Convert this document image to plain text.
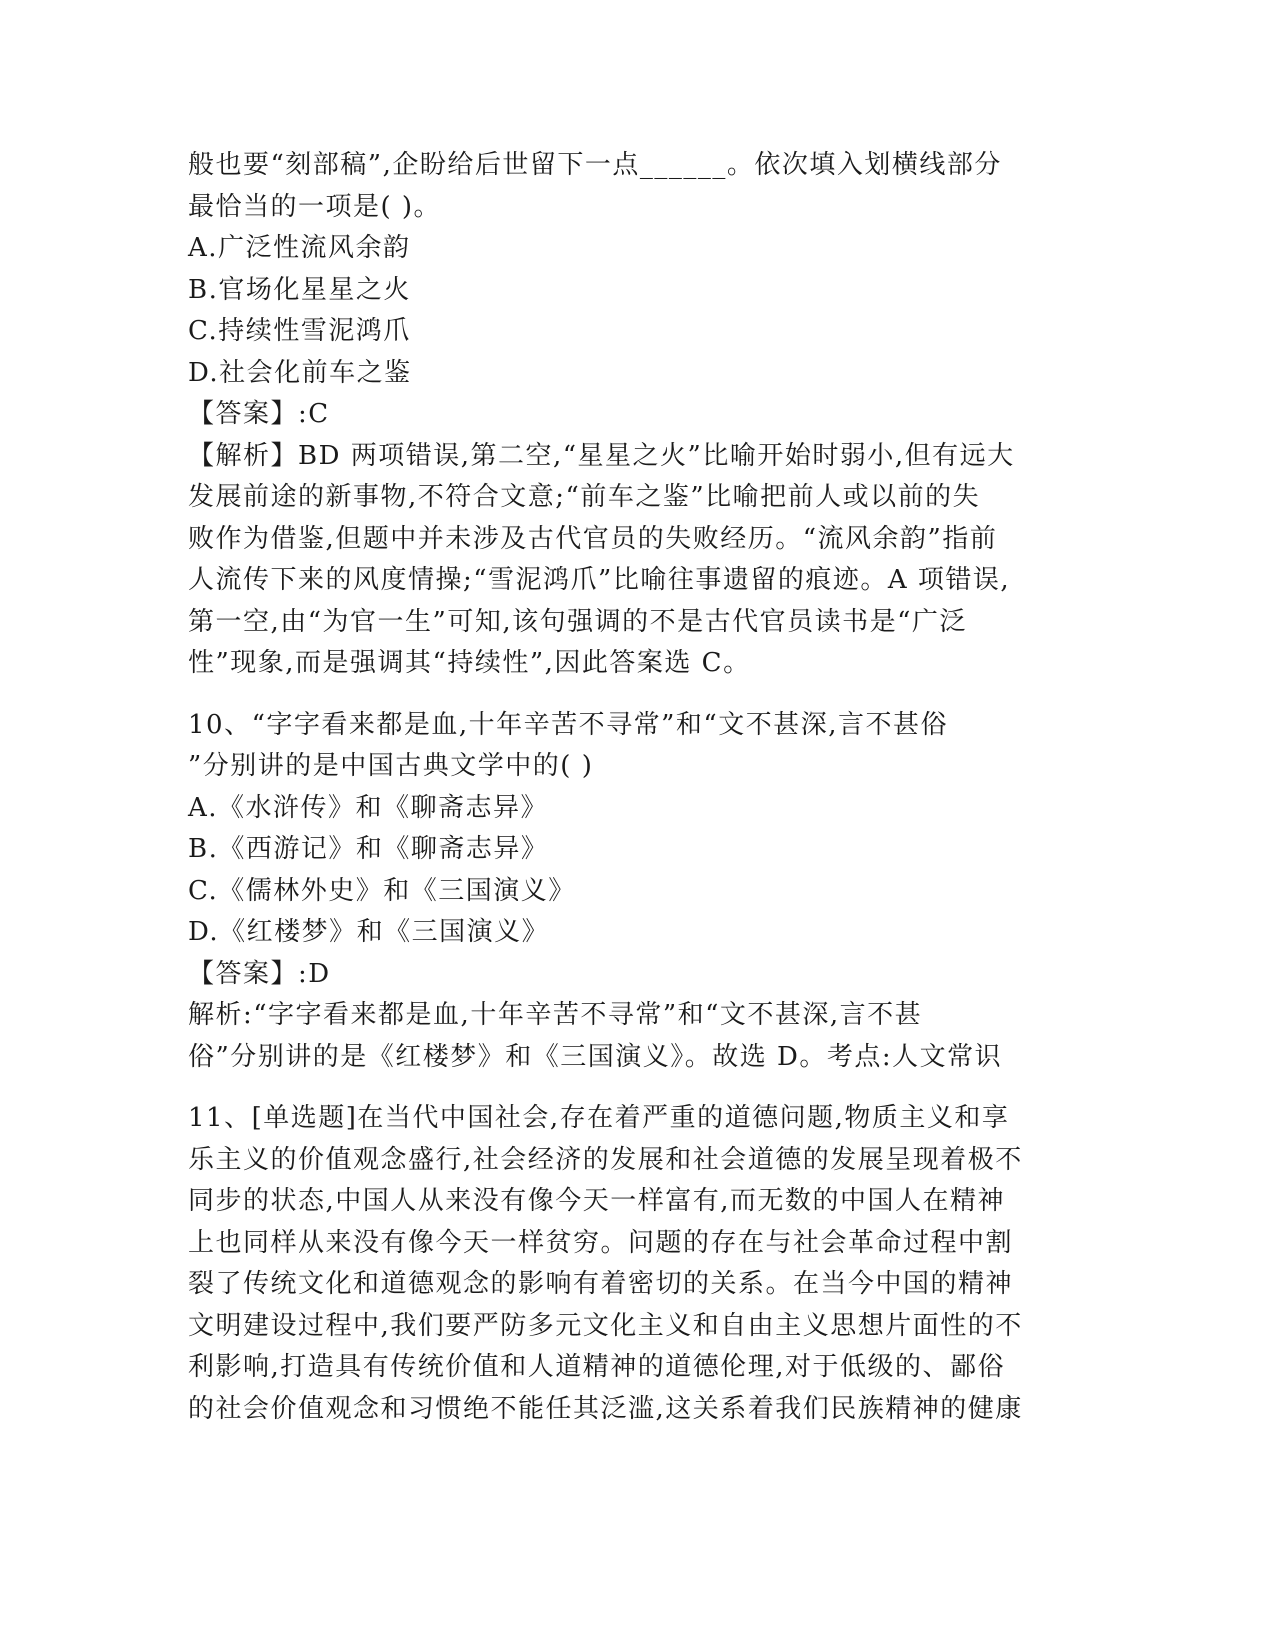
般也要“刻部稿”,企盼给后世留下一点______。依次填入划横线部分
最恰当的一项是( )。
A.广泛性流风余韵
B.官场化星星之火
C.持续性雪泥鸿爪
D.社会化前车之鉴
【答案】:C
【解析】BD 两项错误,第二空,“星星之火”比喻开始时弱小,但有远大
发展前途的新事物,不符合文意;“前车之鉴”比喻把前人或以前的失
败作为借鉴,但题中并未涉及古代官员的失败经历。“流风余韵”指前
人流传下来的风度情操;“雪泥鸿爪”比喻往事遗留的痕迹。A 项错误,
第一空,由“为官一生”可知,该句强调的不是古代官员读书是“广泛
性”现象,而是强调其“持续性”,因此答案选 C。
10、“字字看来都是血,十年辛苦不寻常”和“文不甚深,言不甚俗
”分别讲的是中国古典文学中的( )
A.《水浒传》和《聊斋志异》
B.《西游记》和《聊斋志异》
C.《儒林外史》和《三国演义》
D.《红楼梦》和《三国演义》
【答案】:D
解析:“字字看来都是血,十年辛苦不寻常”和“文不甚深,言不甚
俗”分别讲的是《红楼梦》和《三国演义》。故选 D。考点:人文常识
11、[单选题]在当代中国社会,存在着严重的道德问题,物质主义和享
乐主义的价值观念盛行,社会经济的发展和社会道德的发展呈现着极不
同步的状态,中国人从来没有像今天一样富有,而无数的中国人在精神
上也同样从来没有像今天一样贫穷。问题的存在与社会革命过程中割
裂了传统文化和道德观念的影响有着密切的关系。在当今中国的精神
文明建设过程中,我们要严防多元文化主义和自由主义思想片面性的不
利影响,打造具有传统价值和人道精神的道德伦理,对于低级的、鄙俗
的社会价值观念和习惯绝不能任其泛滥,这关系着我们民族精神的健康
